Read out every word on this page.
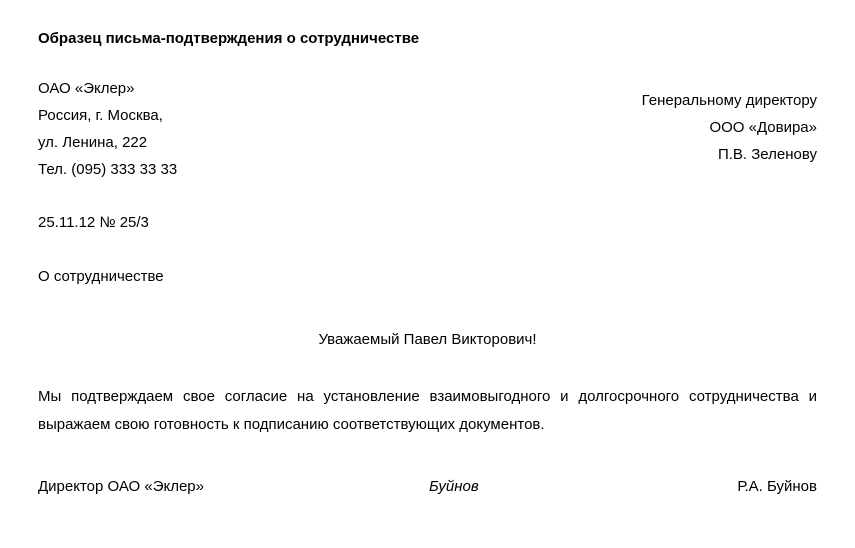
Образец письма-подтверждения о сотрудничестве
ОАО «Эклер»
Россия, г. Москва,
ул. Ленина, 222
Тел. (095) 333 33 33
Генеральному директору
ООО «Довира»
П.В. Зеленову
25.11.12 № 25/3
О сотрудничестве
Уважаемый Павел Викторович!
Мы подтверждаем свое согласие на установление взаимовыгодного и долгосрочного сотрудничества и выражаем свою готовность к подписанию соответствующих документов.
Директор ОАО «Эклер»	Буйнов	Р.А. Буйнов
